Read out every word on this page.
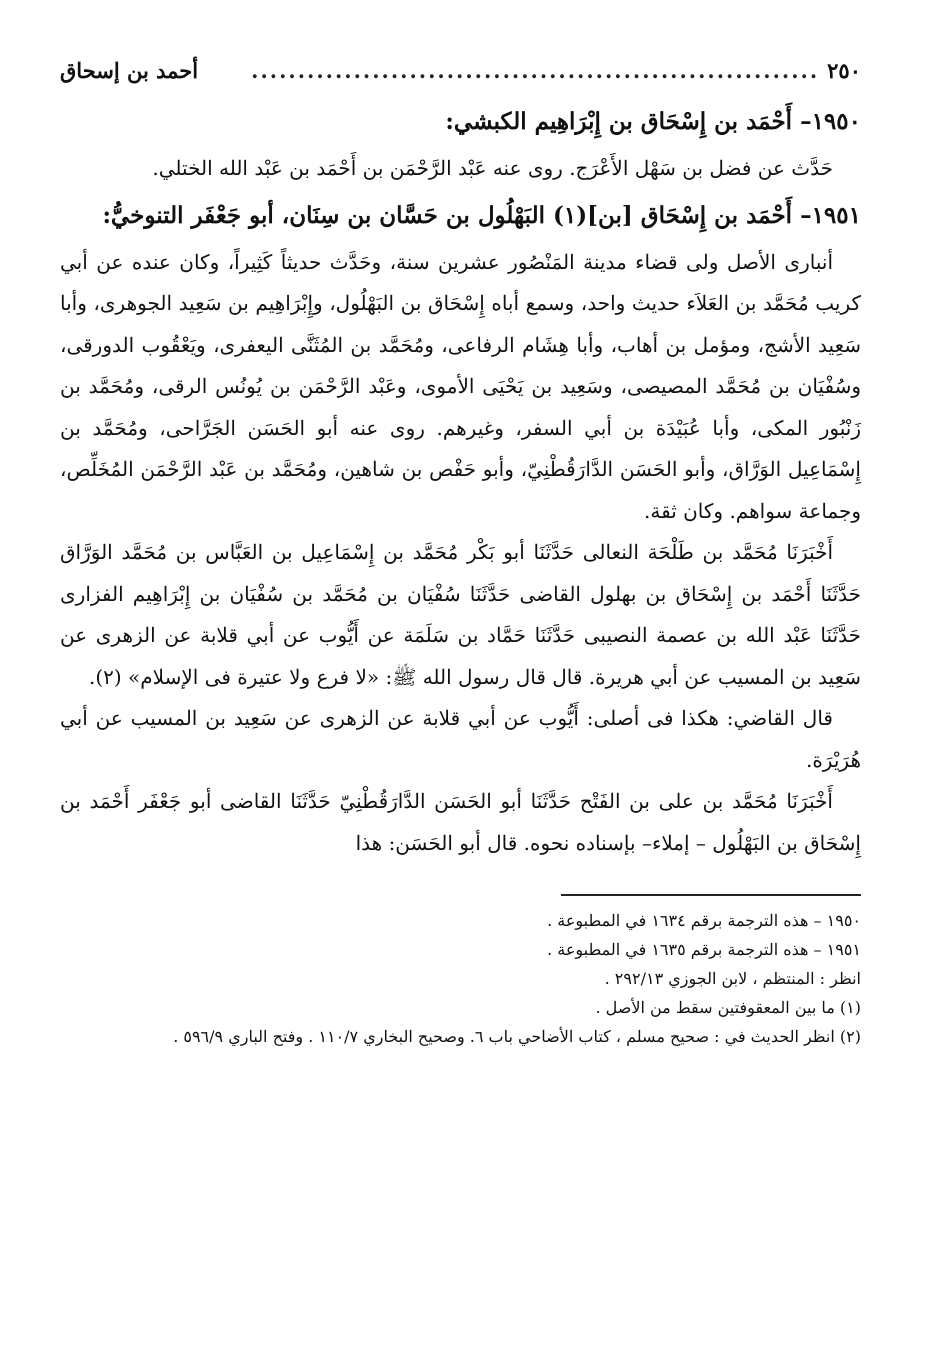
٢٥٠
.............................................................
أحمد بن إسحاق
١٩٥٠– أَحْمَد بن إِسْحَاق بن إِبْرَاهِيم الكبشي:

حَدَّث عن فضل بن سَهْل الأَعْرَج. روى عنه عَبْد الرَّحْمَن بن أَحْمَد بن عَبْد الله الختلي.

١٩٥١– أَحْمَد بن إِسْحَاق [بن](١) البَهْلُول بن حَسَّان بن سِنَان، أبو جَعْفَر التنوخيُّ:

أنبارى الأصل ولى قضاء مدينة المَنْصُور عشرين سنة، وحَدَّث حديثاً كَثِيراً، وكان عنده عن أبي كريب مُحَمَّد بن العَلاَء حديث واحد، وسمع أباه إِسْحَاق بن البَهْلُول، وإِبْرَاهِيم بن سَعِيد الجوهرى، وأبا سَعِيد الأشج، ومؤمل بن أهاب، وأبا هِشَام الرفاعى، ومُحَمَّد بن المُثَنَّى اليعفرى، ويَعْقُوب الدورقى، وسُفْيَان بن مُحَمَّد المصيصى، وسَعِيد بن يَحْيَى الأموى، وعَبْد الرَّحْمَن بن يُونُس الرقى، ومُحَمَّد بن زَنْبُور المكى، وأبا عُبَيْدَة بن أبي السفر، وغيرهم. روى عنه أبو الحَسَن الجَرَّاحى، ومُحَمَّد بن إِسْمَاعِيل الوَرَّاق، وأبو الحَسَن الدَّارَقُطْنِيّ، وأبو حَفْص بن شاهين، ومُحَمَّد بن عَبْد الرَّحْمَن المُخَلِّص، وجماعة سواهم. وكان ثقة.

أَخْبَرَنَا مُحَمَّد بن طَلْحَة النعالى حَدَّثَنَا أبو بَكْر مُحَمَّد بن إِسْمَاعِيل بن العَبَّاس بن مُحَمَّد الوَرَّاق حَدَّثَنَا أَحْمَد بن إِسْحَاق بن بهلول القاضى حَدَّثَنَا سُفْيَان بن مُحَمَّد بن سُفْيَان بن إِبْرَاهِيم الفزارى حَدَّثَنَا عَبْد الله بن عصمة النصيبى حَدَّثَنَا حَمَّاد بن سَلَمَة عن أَيُّوب عن أبي قلابة عن الزهرى عن سَعِيد بن المسيب عن أبي هريرة. قال قال رسول الله ﷺ: «لا فرع ولا عتيرة فى الإسلام» (٢).

قال القاضي: هكذا فى أصلى: أَيُّوب عن أبي قلابة عن الزهرى عن سَعِيد بن المسيب عن أبي هُرَيْرَة.

أَخْبَرَنَا مُحَمَّد بن على بن الفَتْح حَدَّثَنَا أبو الحَسَن الدَّارَقُطْنِيّ حَدَّثَنَا القاضى أبو جَعْفَر أَحْمَد بن إِسْحَاق بن البَهْلُول – إملاء– بإسناده نحوه. قال أبو الحَسَن: هذا

١٩٥٠ – هذه الترجمة برقم ١٦٣٤ في المطبوعة .

١٩٥١ – هذه الترجمة برقم ١٦٣٥ في المطبوعة .

انظر : المنتظم ، لابن الجوزي ٢٩٢/١٣ .

(١) ما بين المعقوفتين سقط من الأصل .

(٢) انظر الحديث في : صحيح مسلم ، كتاب الأضاحي باب ٦. وصحيح البخاري ١١٠/٧ . وفتح الباري ٥٩٦/٩ .
